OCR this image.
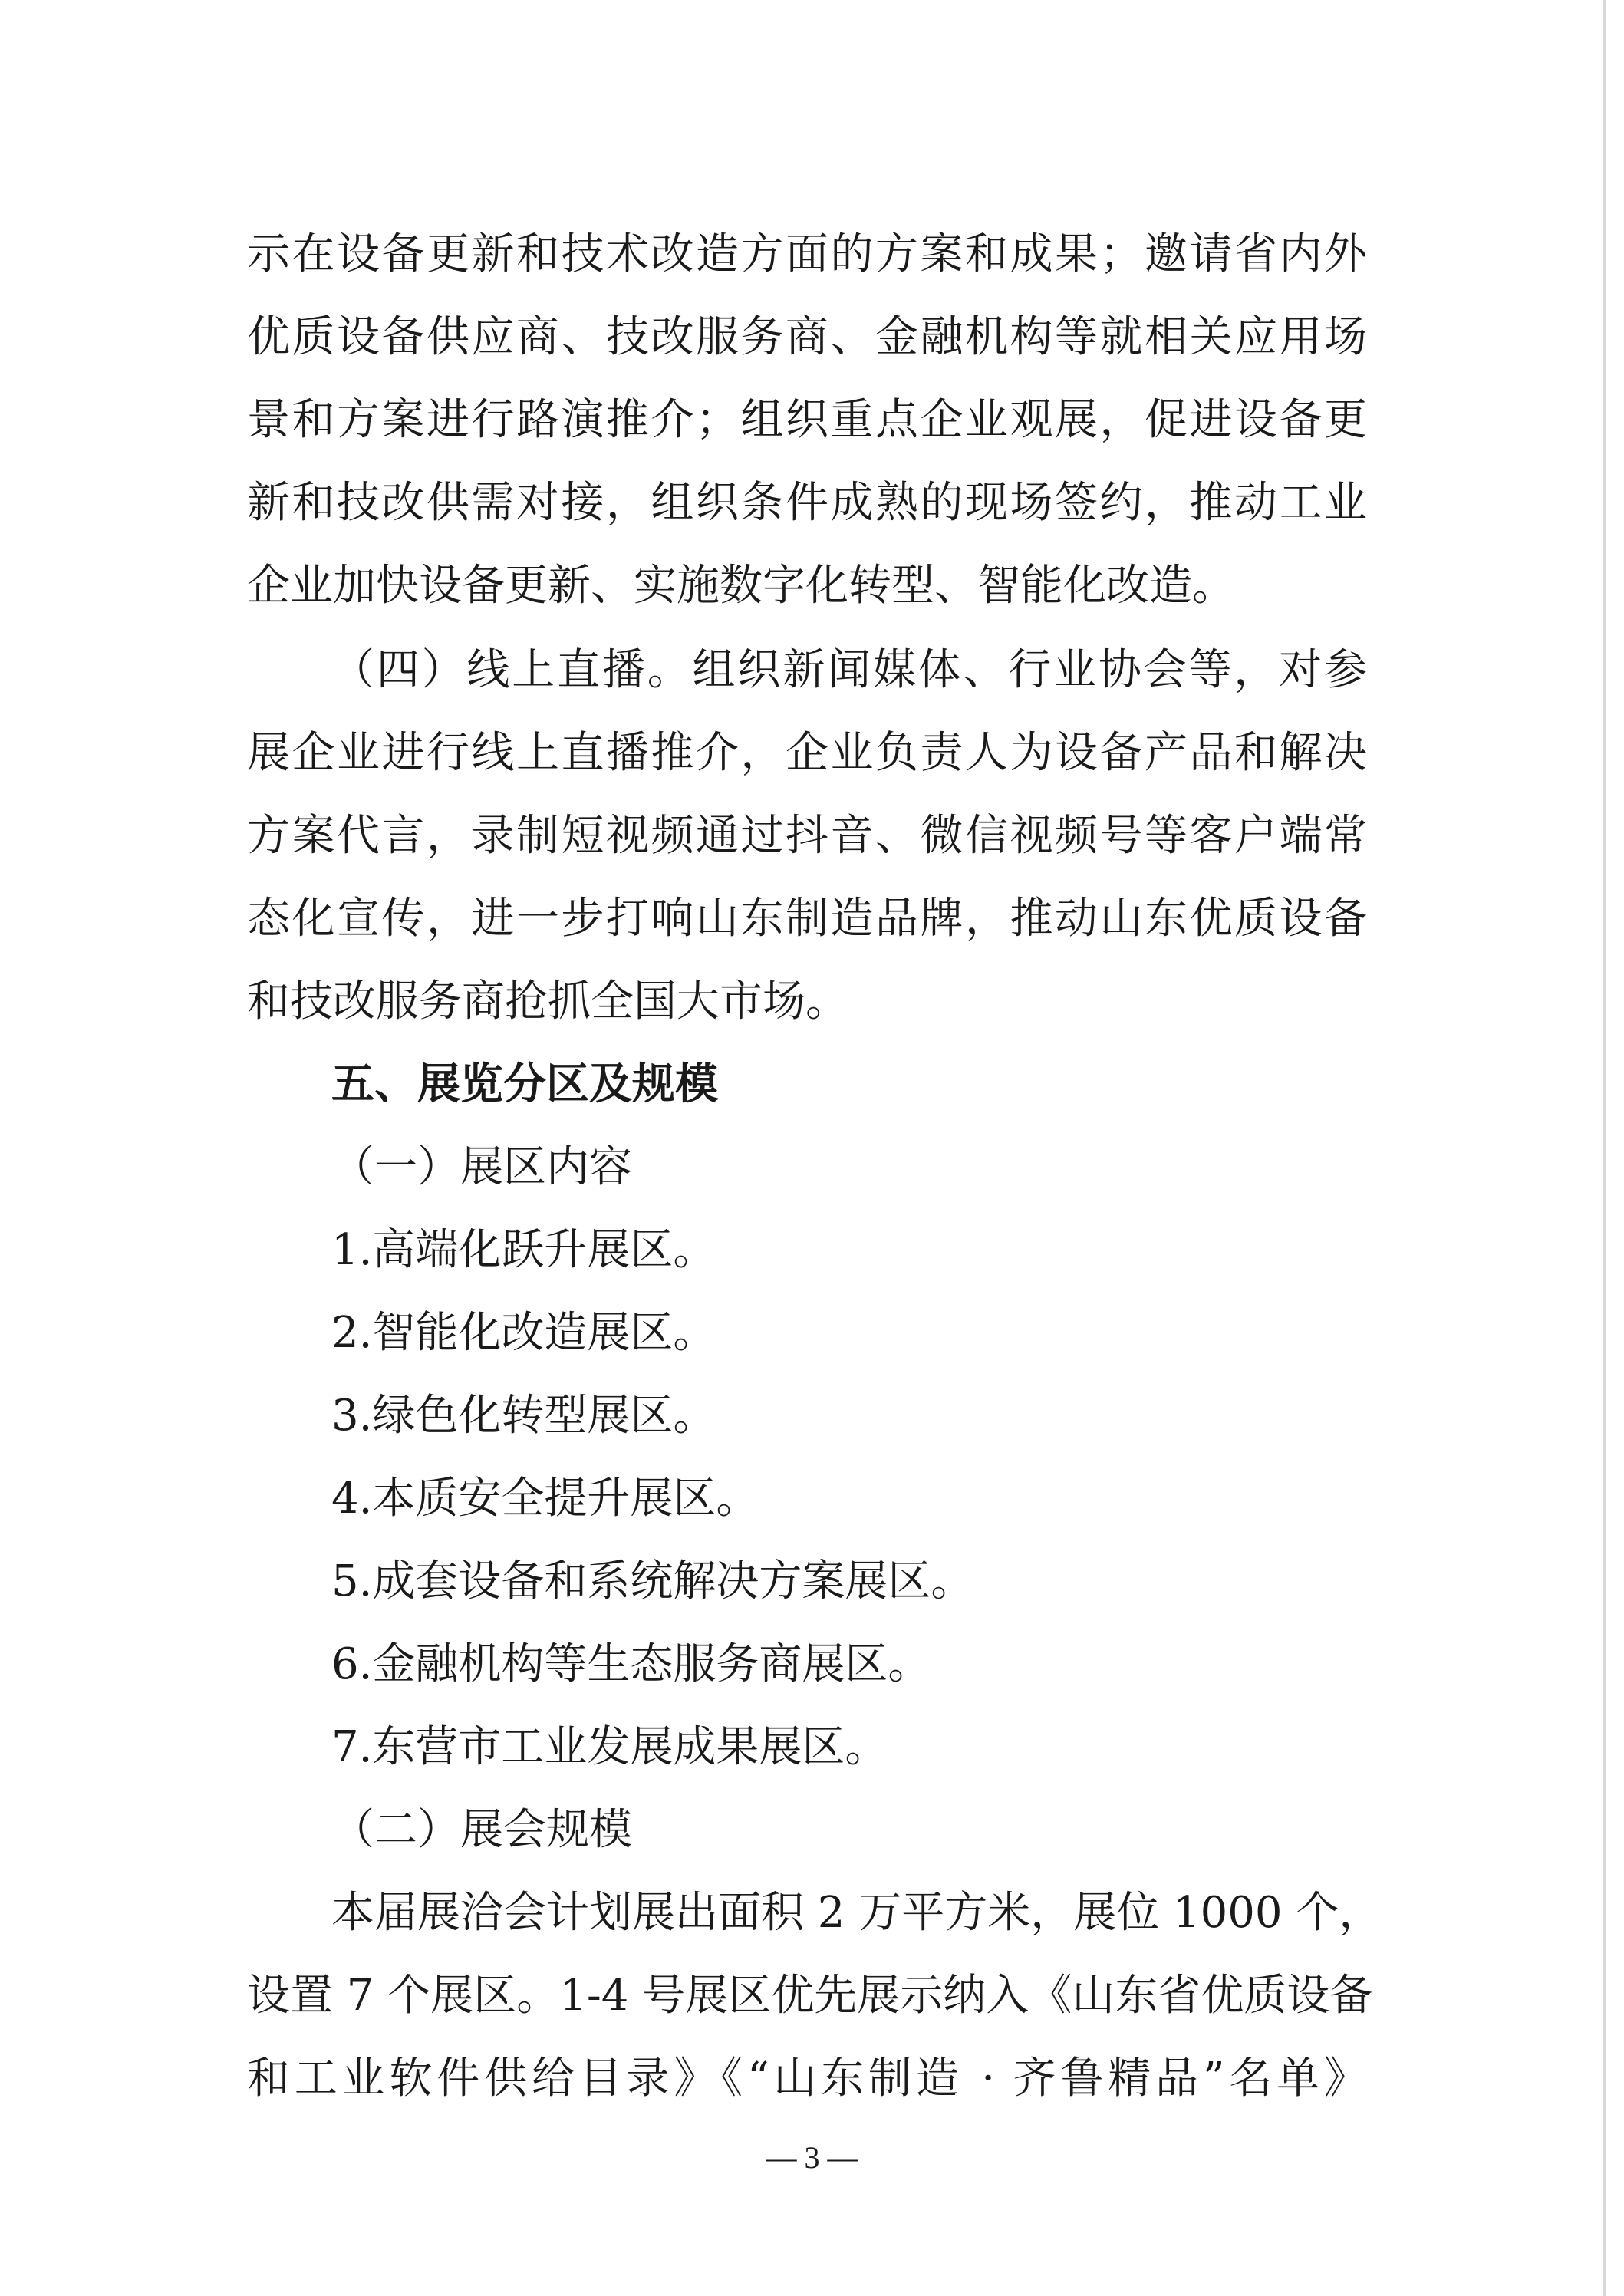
示在设备更新和技术改造方面的方案和成果；邀请省内外
优质设备供应商、技改服务商、金融机构等就相关应用场
景和方案进行路演推介；组织重点企业观展，促进设备更
新和技改供需对接，组织条件成熟的现场签约，推动工业
企业加快设备更新、实施数字化转型、智能化改造。
（四）线上直播。组织新闻媒体、行业协会等，对参
展企业进行线上直播推介，企业负责人为设备产品和解决
方案代言，录制短视频通过抖音、微信视频号等客户端常
态化宣传，进一步打响山东制造品牌，推动山东优质设备
和技改服务商抢抓全国大市场。
五、展览分区及规模
（一）展区内容
1.高端化跃升展区。
2.智能化改造展区。
3.绿色化转型展区。
4.本质安全提升展区。
5.成套设备和系统解决方案展区。
6.金融机构等生态服务商展区。
7.东营市工业发展成果展区。
（二）展会规模
本届展洽会计划展出面积 2 万平方米，展位 1000 个，
设置 7 个展区。1-4 号展区优先展示纳入《山东省优质设备
和工业软件供给目录》《“山东制造 · 齐鲁精品”名单》
— 3 —
